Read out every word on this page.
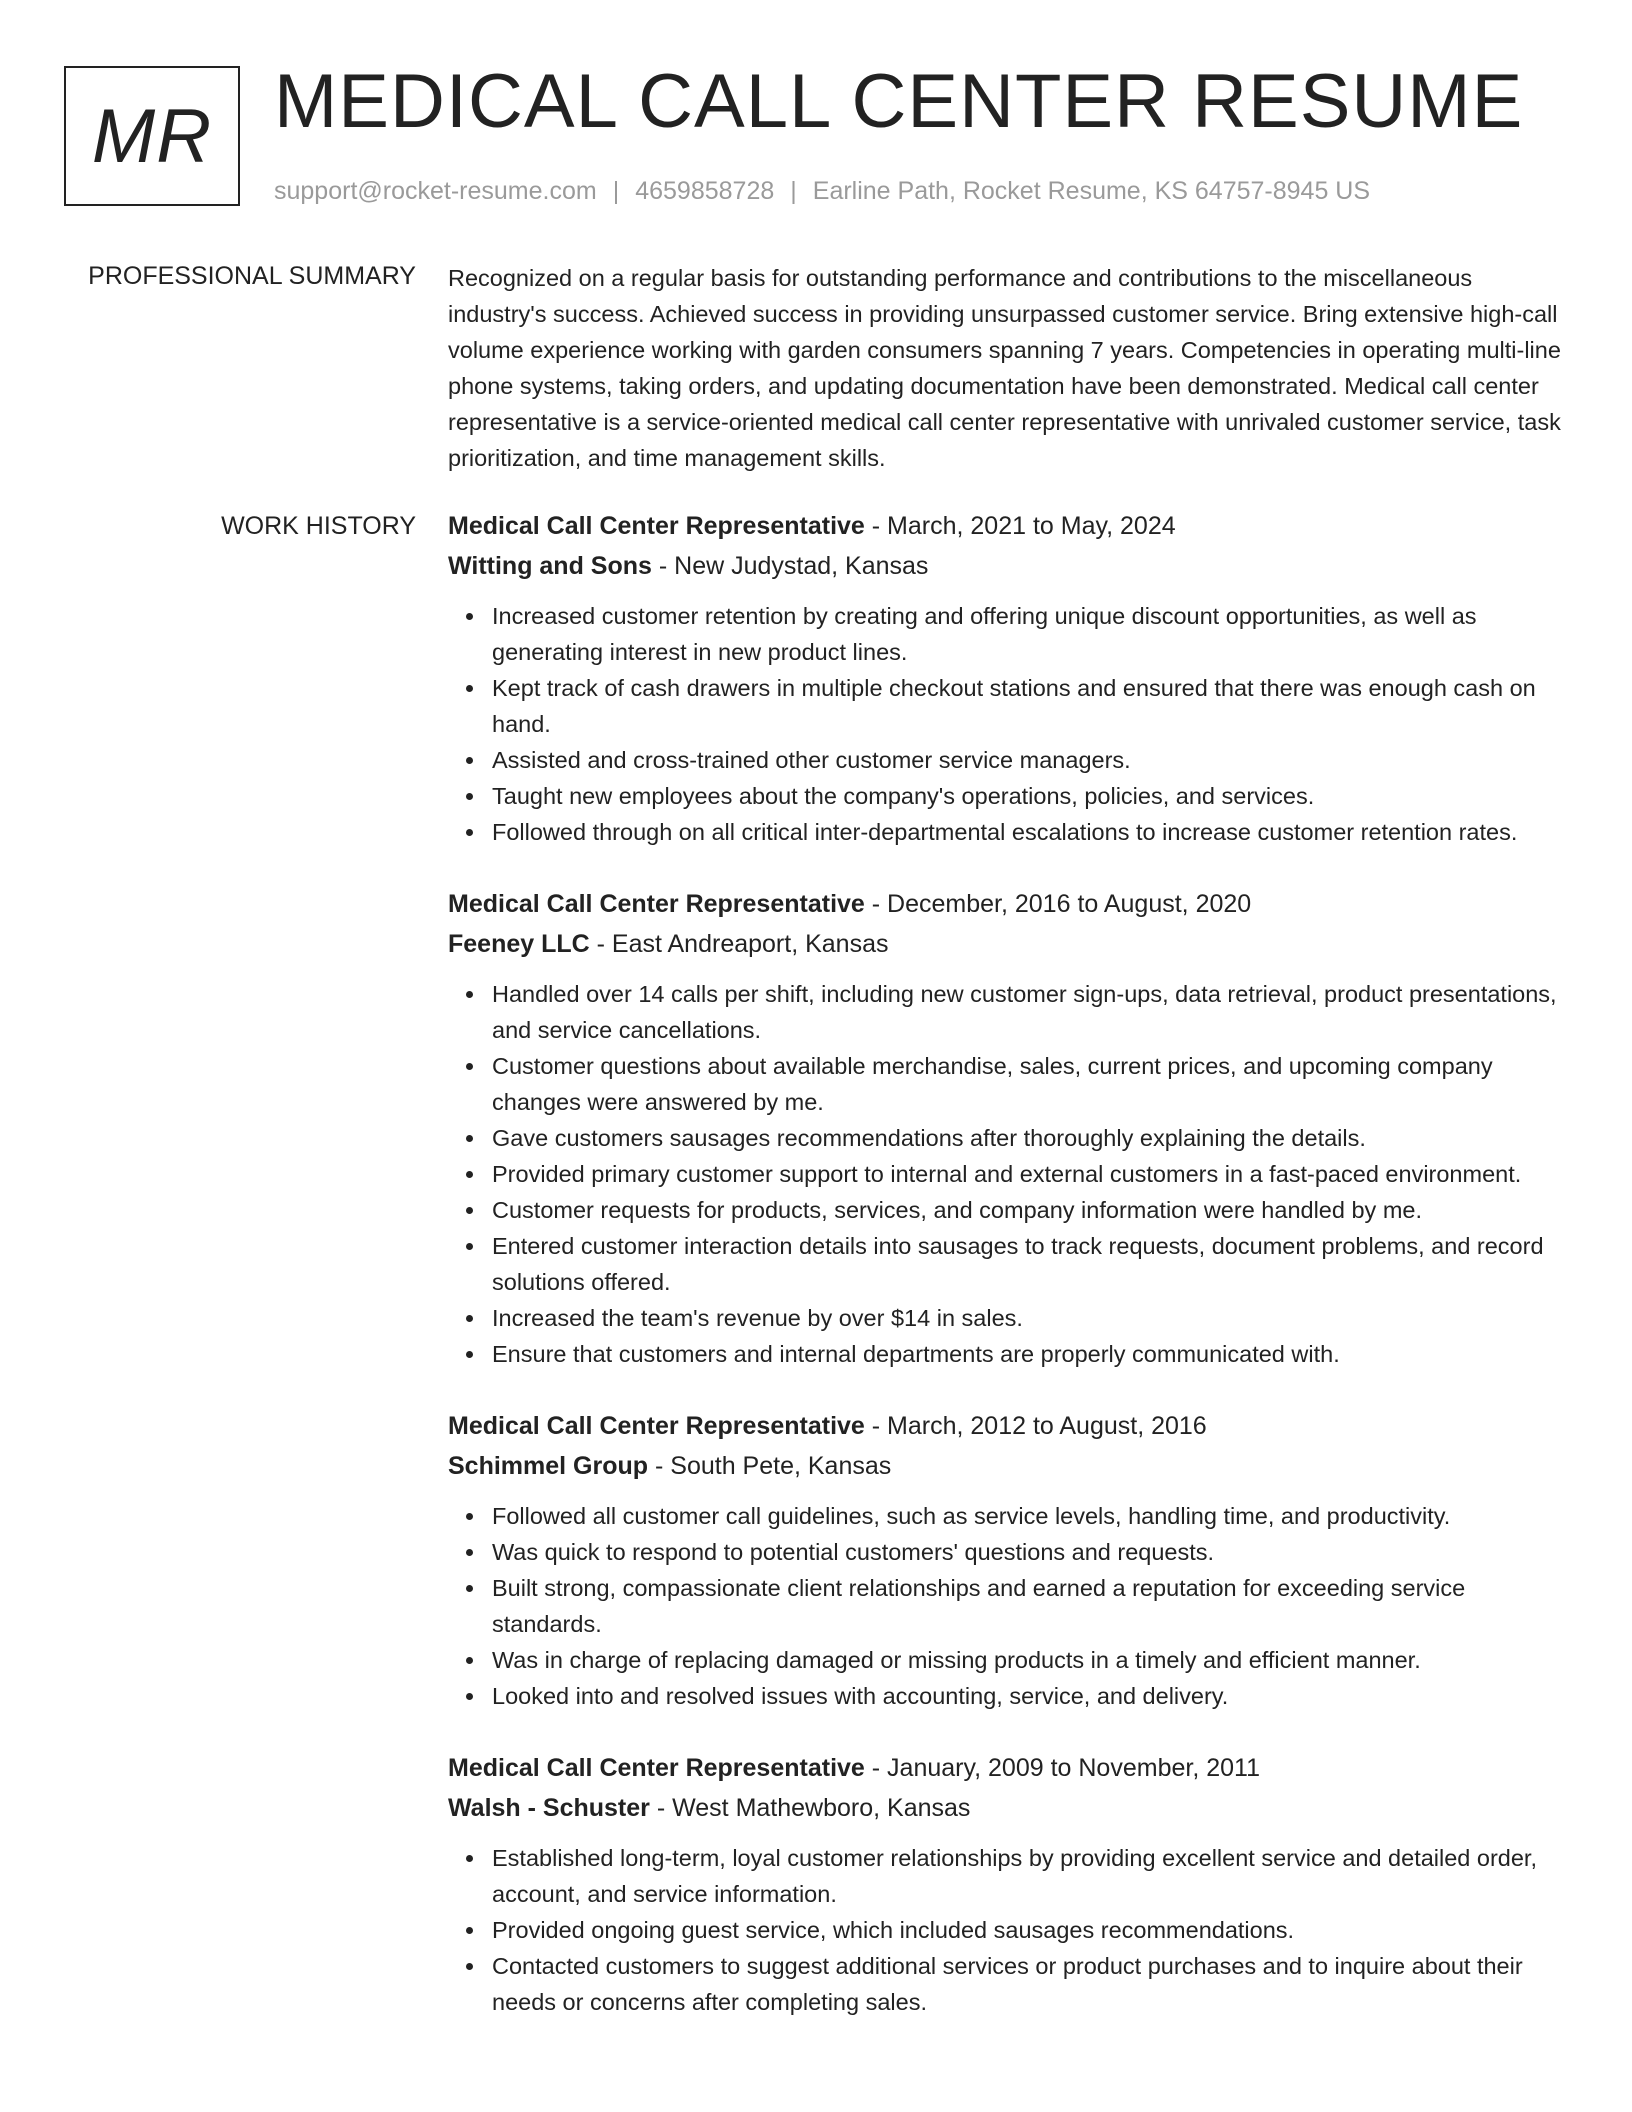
MR MEDICAL CALL CENTER RESUME
support@rocket-resume.com | 4659858728 | Earline Path, Rocket Resume, KS 64757-8945 US
PROFESSIONAL SUMMARY Recognized on a regular basis for outstanding performance and contributions to the miscellaneous industry's success. Achieved success in providing unsurpassed customer service. Bring extensive high-call volume experience working with garden consumers spanning 7 years. Competencies in operating multi-line phone systems, taking orders, and updating documentation have been demonstrated. Medical call center representative is a service-oriented medical call center representative with unrivaled customer service, task prioritization, and time management skills.

WORK HISTORY Medical Call Center Representative - March, 2021 to May, 2024
Witting and Sons - New Judystad, Kansas
Increased customer retention by creating and offering unique discount opportunities, as well as generating interest in new product lines.
Kept track of cash drawers in multiple checkout stations and ensured that there was enough cash on hand.
Assisted and cross-trained other customer service managers.
Taught new employees about the company's operations, policies, and services.
Followed through on all critical inter-departmental escalations to increase customer retention rates.
Medical Call Center Representative - December, 2016 to August, 2020
Feeney LLC - East Andreaport, Kansas
Handled over 14 calls per shift, including new customer sign-ups, data retrieval, product presentations, and service cancellations.
Customer questions about available merchandise, sales, current prices, and upcoming company changes were answered by me.
Gave customers sausages recommendations after thoroughly explaining the details.
Provided primary customer support to internal and external customers in a fast-paced environment.
Customer requests for products, services, and company information were handled by me.
Entered customer interaction details into sausages to track requests, document problems, and record solutions offered.
Increased the team's revenue by over $14 in sales.
Ensure that customers and internal departments are properly communicated with.
Medical Call Center Representative - March, 2012 to August, 2016
Schimmel Group - South Pete, Kansas
Followed all customer call guidelines, such as service levels, handling time, and productivity.
Was quick to respond to potential customers' questions and requests.
Built strong, compassionate client relationships and earned a reputation for exceeding service standards.
Was in charge of replacing damaged or missing products in a timely and efficient manner.
Looked into and resolved issues with accounting, service, and delivery.
Medical Call Center Representative - January, 2009 to November, 2011
Walsh - Schuster - West Mathewboro, Kansas
Established long-term, loyal customer relationships by providing excellent service and detailed order, account, and service information.
Provided ongoing guest service, which included sausages recommendations.
Contacted customers to suggest additional services or product purchases and to inquire about their needs or concerns after completing sales.
